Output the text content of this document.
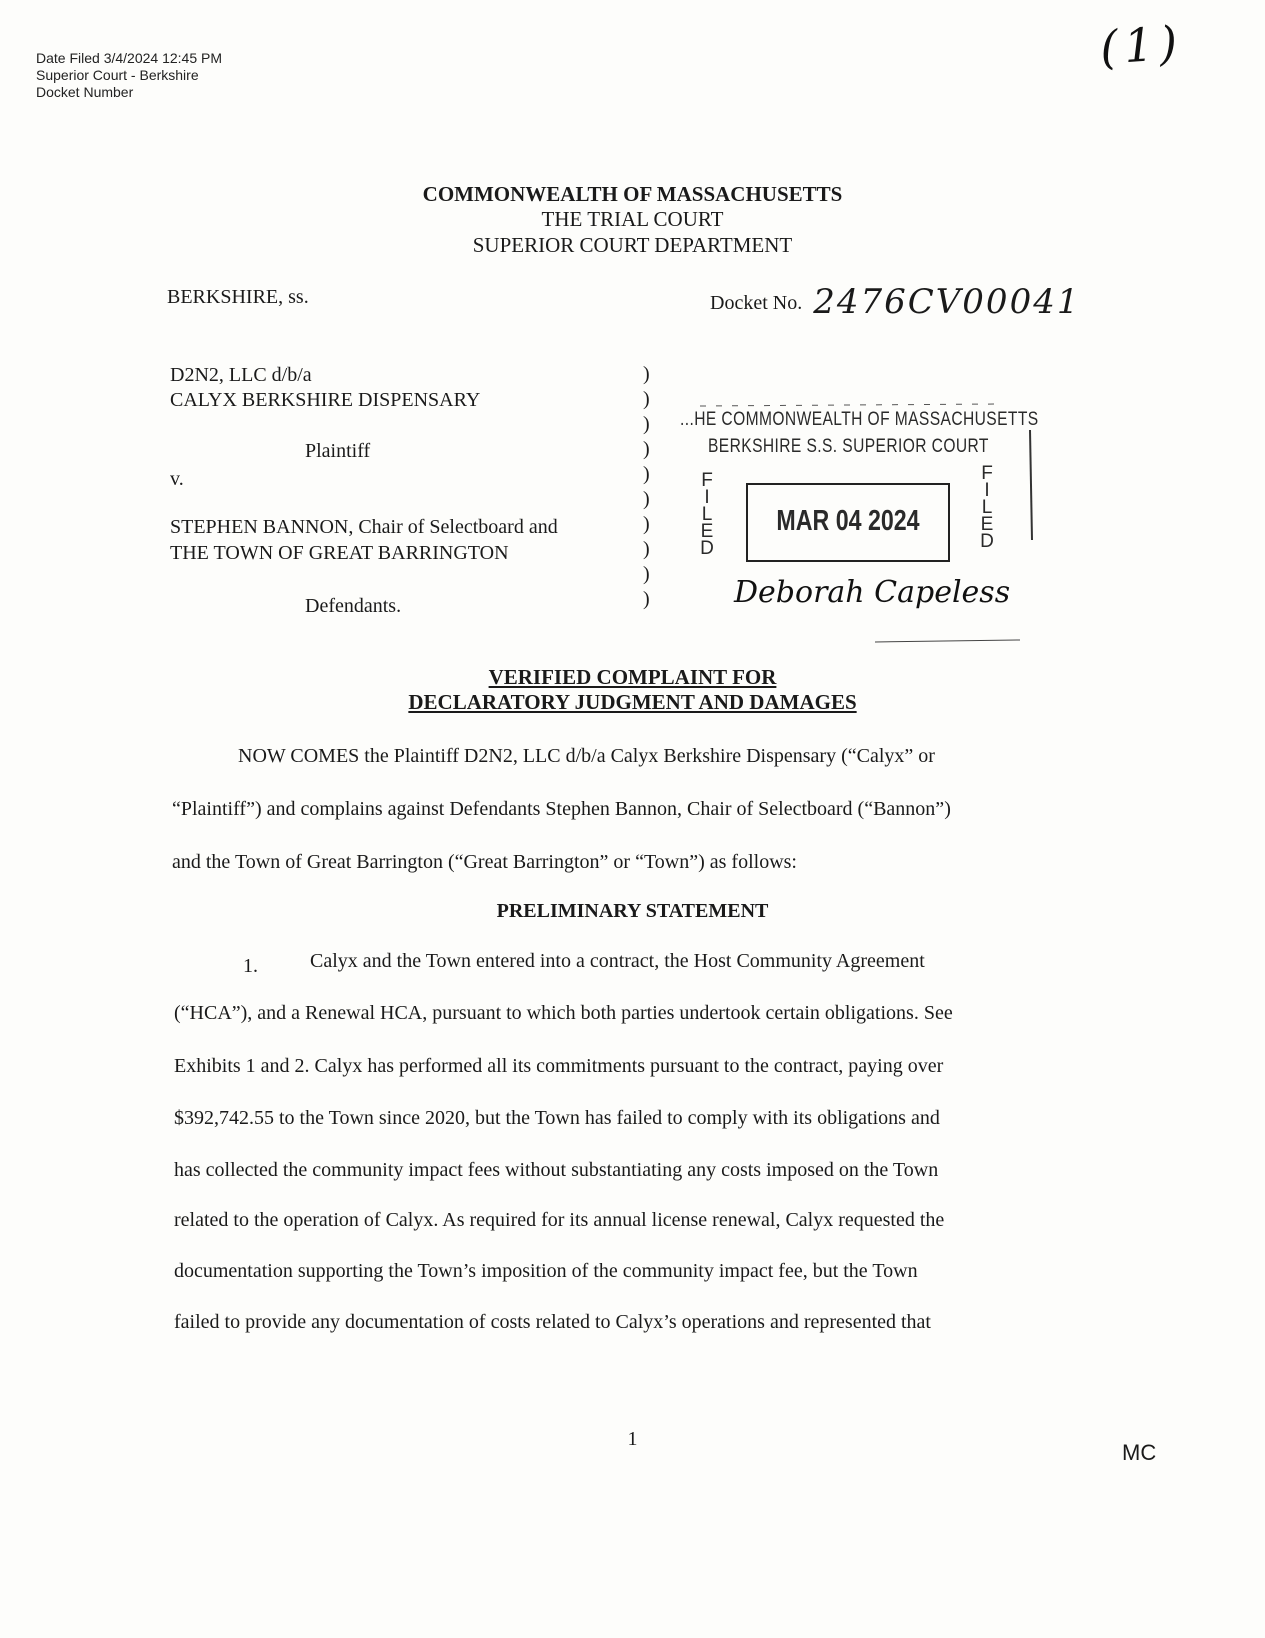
Date Filed 3/4/2024 12:45 PM
Superior Court - Berkshire
Docket Number
(1)
COMMONWEALTH OF MASSACHUSETTS
THE TRIAL COURT
SUPERIOR COURT DEPARTMENT
BERKSHIRE, ss.	Docket No. 2476CV00041
D2N2, LLC d/b/a
CALYX BERKSHIRE DISPENSARY
Plaintiff
v.
STEPHEN BANNON, Chair of Selectboard and
THE TOWN OF GREAT BARRINGTON
Defendants.
)
)
)
)
)
)
)
)
)
)
...HE COMMONWEALTH OF MASSACHUSETTS
BERKSHIRE S.S. SUPERIOR COURT
F
I
L
E
D
F
I
L
E
D
MAR 04 2024
Deborah Capeless
VERIFIED COMPLAINT FOR
DECLARATORY JUDGMENT AND DAMAGES
NOW COMES the Plaintiff D2N2, LLC d/b/a Calyx Berkshire Dispensary (“Calyx” or
“Plaintiff”) and complains against Defendants Stephen Bannon, Chair of Selectboard (“Bannon”)
and the Town of Great Barrington (“Great Barrington” or “Town”) as follows:
PRELIMINARY STATEMENT
1.	Calyx and the Town entered into a contract, the Host Community Agreement
(“HCA”), and a Renewal HCA, pursuant to which both parties undertook certain obligations. See
Exhibits 1 and 2. Calyx has performed all its commitments pursuant to the contract, paying over
$392,742.55 to the Town since 2020, but the Town has failed to comply with its obligations and
has collected the community impact fees without substantiating any costs imposed on the Town
related to the operation of Calyx. As required for its annual license renewal, Calyx requested the
documentation supporting the Town’s imposition of the community impact fee, but the Town
failed to provide any documentation of costs related to Calyx’s operations and represented that
1
MC
